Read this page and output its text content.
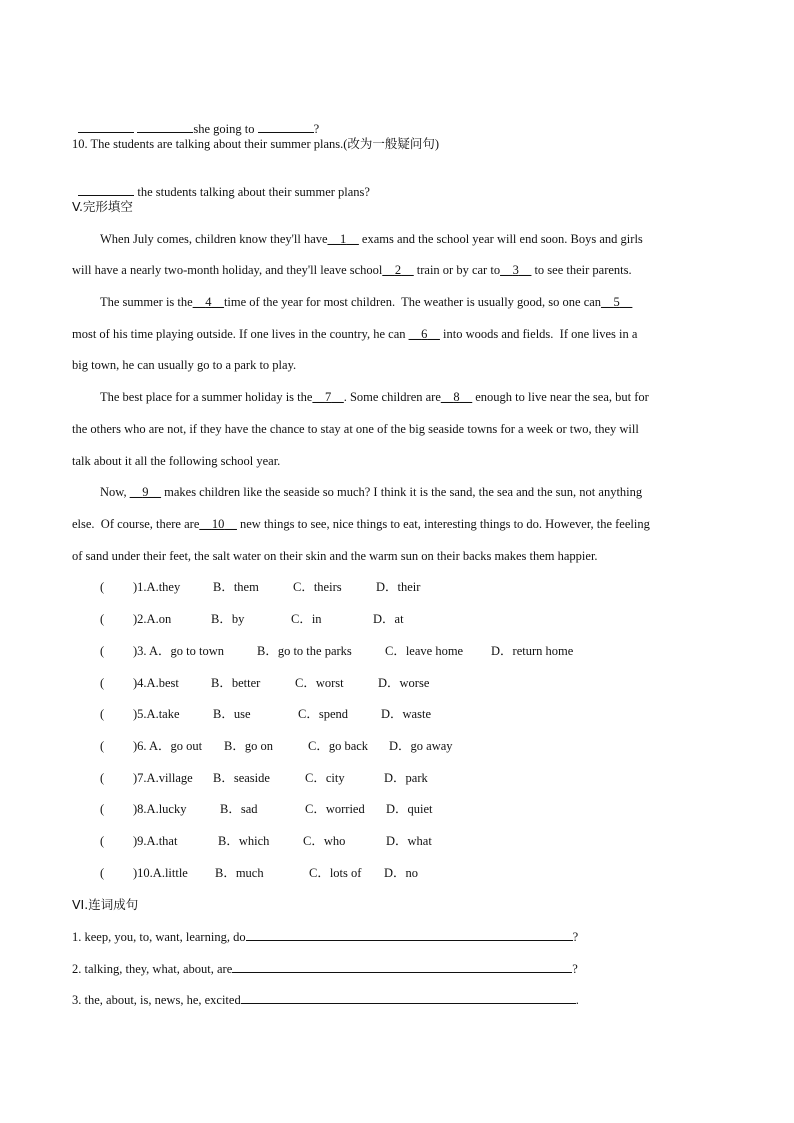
she going to	?

10. The students are talking about their summer plans.(改为一般疑问句)

the students talking about their summer plans?

V.完形填空
When July comes, children know they'll have__1__ exams and the school year will end soon. Boys and girls
will have a nearly two-month holiday, and they'll leave school__2__ train or by car to__3__ to see their parents.
The summer is the__4__time of the year for most children.  The weather is usually good, so one can__5__
most of his time playing outside. If one lives in the country, he can __6__ into woods and fields.  If one lives in a
big town, he can usually go to a park to play.
The best place for a summer holiday is the__7__. Some children are__8__ enough to live near the sea, but for
the others who are not, if they have the chance to stay at one of the big seaside towns for a week or two, they will
talk about it all the following school year.
Now, __9__ makes children like the seaside so much? I think it is the sand, the sea and the sun, not anything
else.  Of course, there are__10__ new things to see, nice things to eat, interesting things to do. However, the feeling
of sand under their feet, the salt water on their skin and the warm sun on their backs makes them happier.
( )1.A.they	B．them	C．theirs	D．their
( )2.A.on	B．by	C．in	D．at
( )3. A．go to town	B．go to the parks	C．leave home D．return home
( )4.A.best	B．better	C．worst	D．worse
( )5.A.take	B．use	C．spend	D．waste
( )6. A．go out B．go on	C．go back D．go away
( )7.A.village B．seaside	C．city	D．park
( )8.A.lucky	B．sad	C．worried D．quiet
( )9.A.that	B．which	C．who	D．what
( )10.A.little B．much	C．lots of D．no
VI.连词成句
1. keep, you, to, want, learning, do	?
2. talking, they, what, about, are	?
3. the, about, is, news, he, excited	.
